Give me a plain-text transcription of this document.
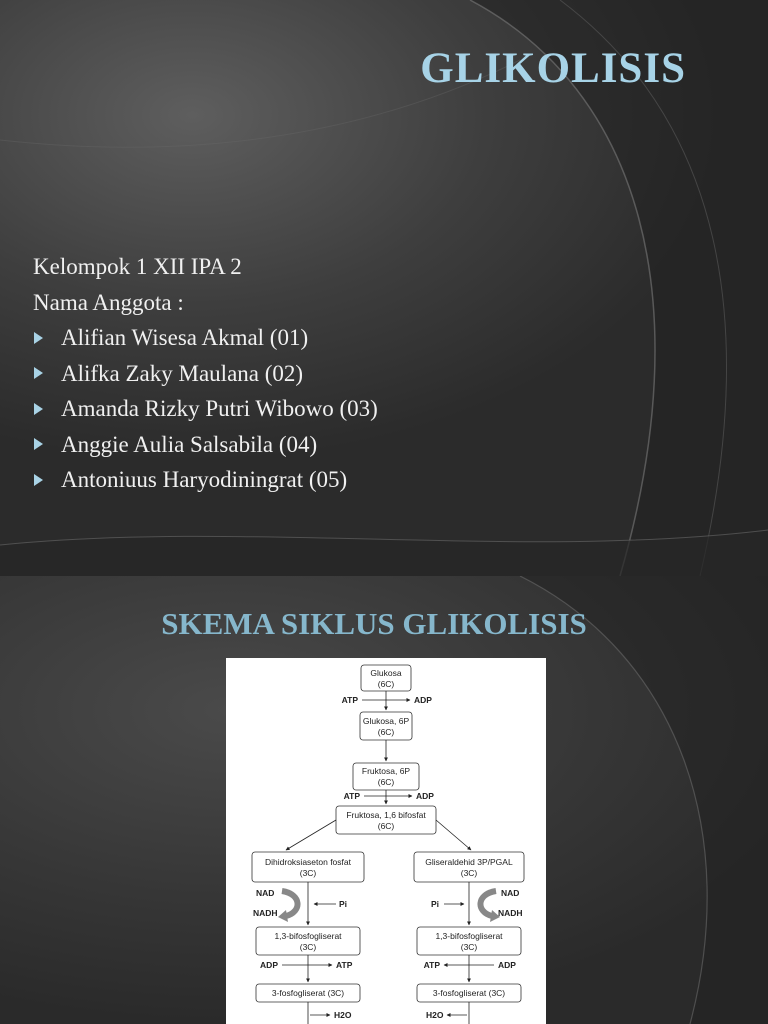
GLIKOLISIS
Kelompok 1 XII IPA 2
Nama Anggota :
Alifian Wisesa Akmal (01)
Alifka Zaky Maulana (02)
Amanda Rizky Putri Wibowo (03)
Anggie Aulia Salsabila (04)
Antoniuus Haryodiningrat (05)
SKEMA SIKLUS GLIKOLISIS
Glukosa
(6C)
ATP	ADP
Glukosa, 6P
(6C)
Fruktosa, 6P
(6C)
ATP	ADP
Fruktosa, 1,6 bifosfat
(6C)
Dihidroksiaseton fosfat
(3C)
Gliseraldehid 3P/PGAL
(3C)
NAD
NADH
Pi
NAD
NADH
Pi
1,3-bifosfogliserat
(3C)
1,3-bifosfogliserat
(3C)
ADP	ATP	ATP	ADP
3-fosfogliserat (3C)	3-fosfogliserat (3C)
H2O	H2O
